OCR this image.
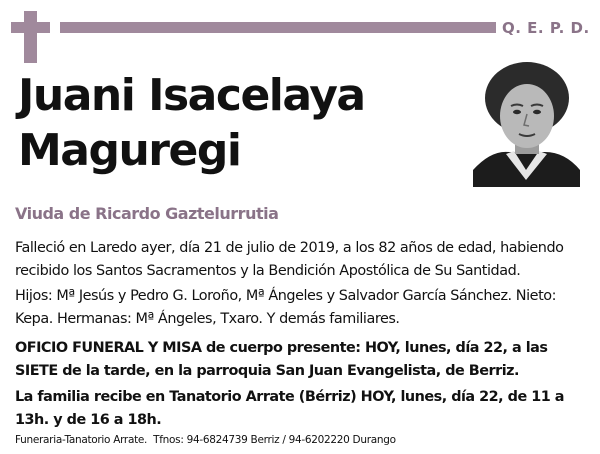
Q. E. P. D.
Juani Isacelaya
Maguregi
Viuda de Ricardo Gaztelurrutia
Falleció en Laredo ayer, día 21 de julio de 2019, a los 82 años de edad, habiendo recibido los Santos Sacramentos y la Bendición Apostólica de Su Santidad.
Hijos: Mª Jesús y Pedro G. Loroño, Mª Ángeles y Salvador García Sánchez. Nieto: Kepa. Hermanas: Mª Ángeles, Txaro. Y demás familiares.
OFICIO FUNERAL Y MISA de cuerpo presente: HOY, lunes, día 22, a las SIETE de la tarde, en la parroquia San Juan Evangelista, de Berriz.
La familia recibe en Tanatorio Arrate (Bérriz) HOY, lunes, día 22, de 11 a 13h. y de 16 a 18h.
Funeraria-Tanatorio Arrate.  Tfnos: 94-6824739 Berriz / 94-6202220 Durango
